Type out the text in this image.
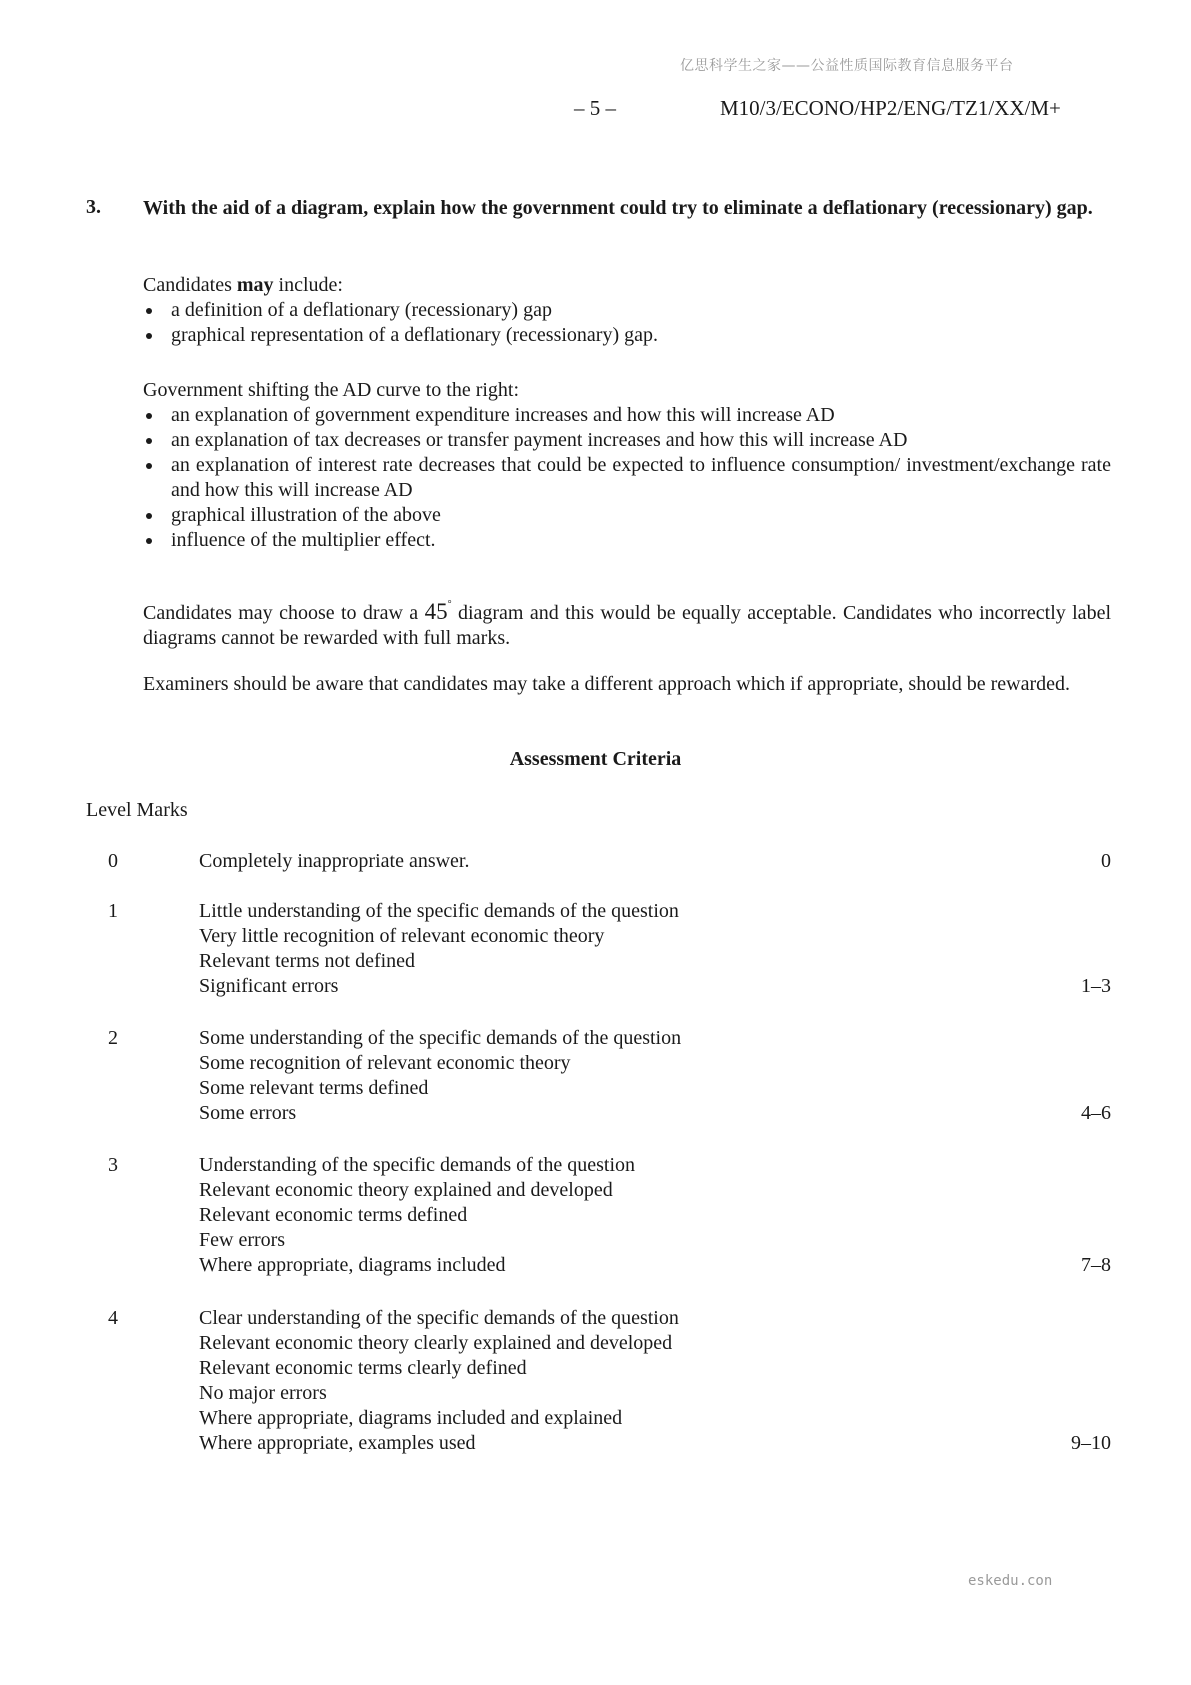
亿思科学生之家——公益性质国际教育信息服务平台
– 5 –	M10/3/ECONO/HP2/ENG/TZ1/XX/M+
3. With the aid of a diagram, explain how the government could try to eliminate a deflationary (recessionary) gap.

Candidates may include:

a definition of a deflationary (recessionary) gap
graphical representation of a deflationary (recessionary) gap.

Government shifting the AD curve to the right:

an explanation of government expenditure increases and how this will increase AD
an explanation of tax decreases or transfer payment increases and how this will increase AD
an explanation of interest rate decreases that could be expected to influence consumption/ investment/exchange rate and how this will increase AD
graphical illustration of the above
influence of the multiplier effect.
Candidates may choose to draw a 45° diagram and this would be equally acceptable. Candidates who incorrectly label diagrams cannot be rewarded with full marks.
Examiners should be aware that candidates may take a different approach which if appropriate, should be rewarded.
Assessment Criteria
Level Marks
0	Completely inappropriate answer.	0
1	Little understanding of the specific demands of the question
Very little recognition of relevant economic theory
Relevant terms not defined
Significant errors	1–3
2	Some understanding of the specific demands of the question
Some recognition of relevant economic theory
Some relevant terms defined
Some errors	4–6
3	Understanding of the specific demands of the question
Relevant economic theory explained and developed
Relevant economic terms defined
Few errors
Where appropriate, diagrams included	7–8
4	Clear understanding of the specific demands of the question
Relevant economic theory clearly explained and developed
Relevant economic terms clearly defined
No major errors
Where appropriate, diagrams included and explained
Where appropriate, examples used	9–10
eskedu.con
